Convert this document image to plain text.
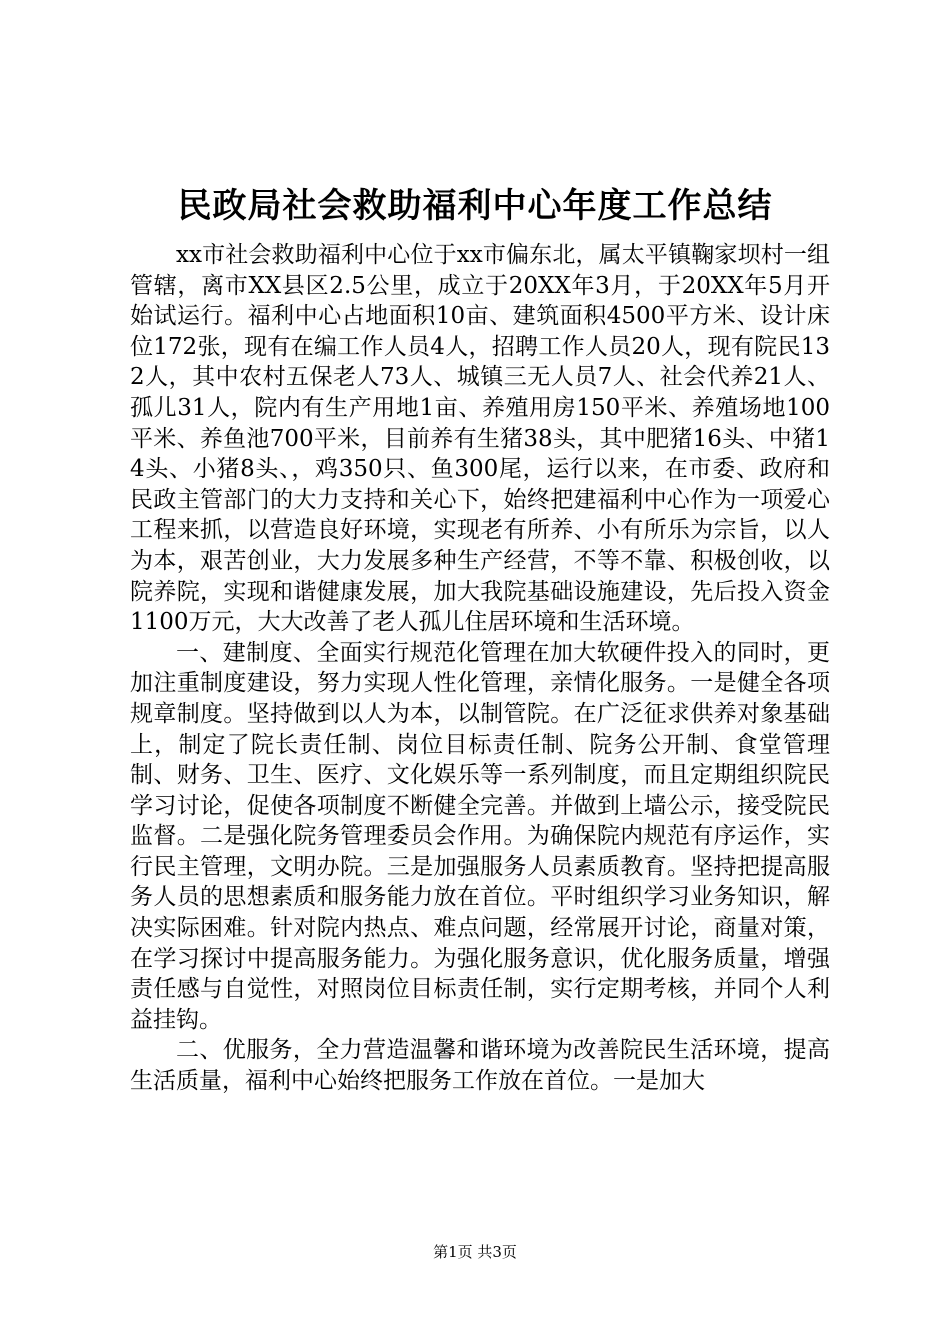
民政局社会救助福利中心年度工作总结

xx市社会救助福利中心位于xx市偏东北，属太平镇鞠家坝村一组管辖，离市XX县区2.5公里，成立于20XX年3月，于20XX年5月开始试运行。福利中心占地面积10亩、建筑面积4500平方米、设计床位172张，现有在编工作人员4人，招聘工作人员20人，现有院民132人，其中农村五保老人73人、城镇三无人员7人、社会代养21人、孤儿31人，院内有生产用地1亩、养殖用房150平米、养殖场地100平米、养鱼池700平米，目前养有生猪38头，其中肥猪16头、中猪14头、小猪8头、，鸡350只、鱼300尾，运行以来，在市委、政府和民政主管部门的大力支持和关心下，始终把建福利中心作为一项爱心工程来抓，以营造良好环境，实现老有所养、小有所乐为宗旨，以人为本，艰苦创业，大力发展多种生产经营，不等不靠、积极创收，以院养院，实现和谐健康发展，加大我院基础设施建设，先后投入资金1100万元，大大改善了老人孤儿住居环境和生活环境。

一、建制度、全面实行规范化管理在加大软硬件投入的同时，更加注重制度建设，努力实现人性化管理，亲情化服务。一是健全各项规章制度。坚持做到以人为本，以制管院。在广泛征求供养对象基础上，制定了院长责任制、岗位目标责任制、院务公开制、食堂管理制、财务、卫生、医疗、文化娱乐等一系列制度，而且定期组织院民学习讨论，促使各项制度不断健全完善。并做到上墙公示，接受院民监督。二是强化院务管理委员会作用。为确保院内规范有序运作，实行民主管理，文明办院。三是加强服务人员素质教育。坚持把提高服务人员的思想素质和服务能力放在首位。平时组织学习业务知识，解决实际困难。针对院内热点、难点问题，经常展开讨论，商量对策，在学习探讨中提高服务能力。为强化服务意识，优化服务质量，增强责任感与自觉性，对照岗位目标责任制，实行定期考核，并同个人利益挂钩。

二、优服务，全力营造温馨和谐环境为改善院民生活环境，提高生活质量，福利中心始终把服务工作放在首位。一是加大

第1页 共3页
